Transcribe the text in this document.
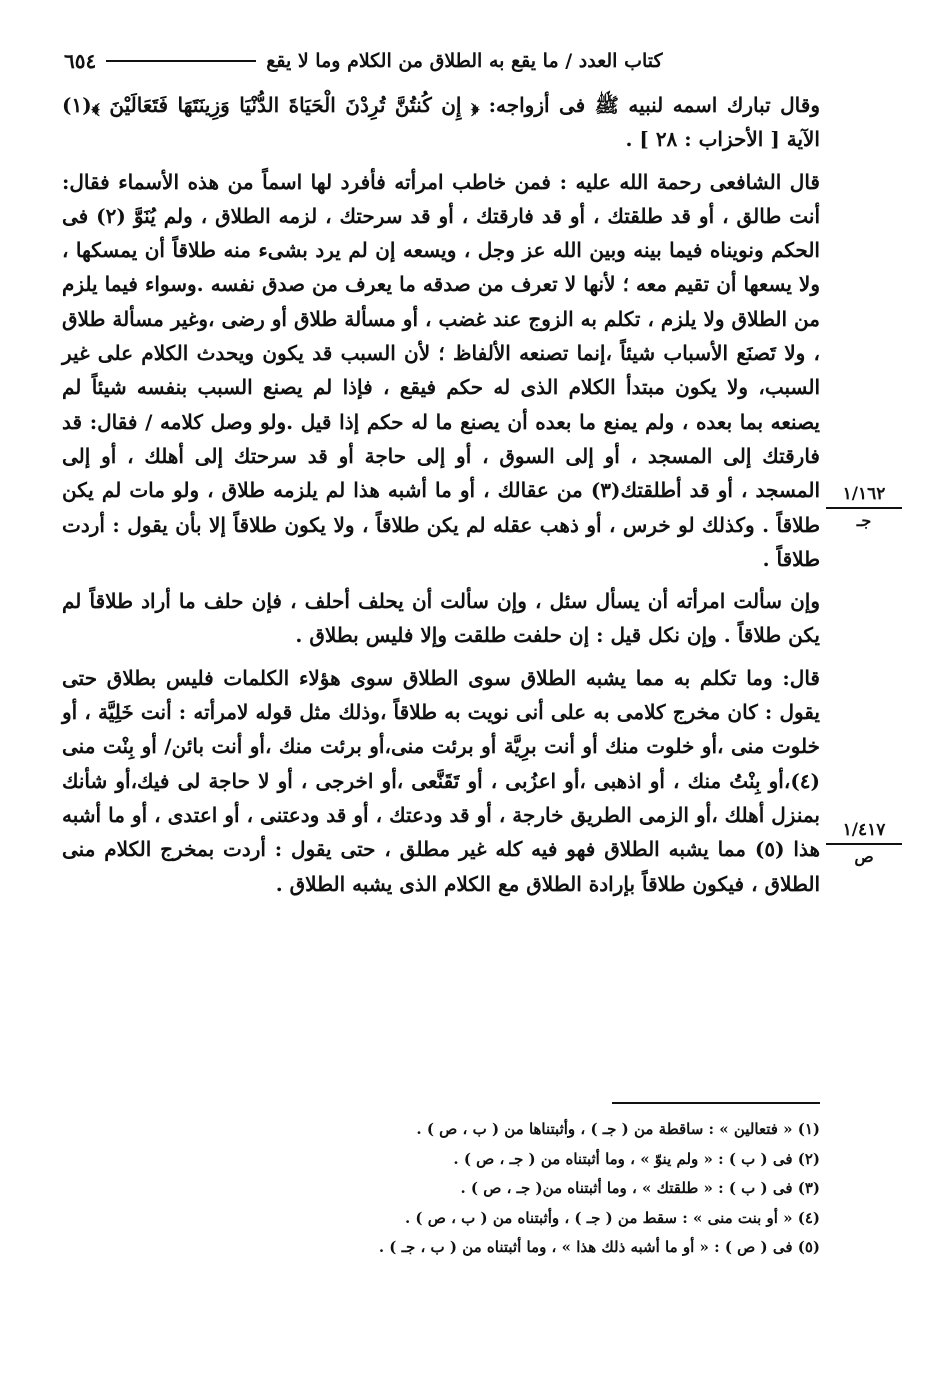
٦٥٤	كتاب العدد / ما يقع به الطلاق من الكلام وما لا يقع

وقال تبارك اسمه لنبيه ﷺ فى أزواجه: ﴿ إِن كُنتُنَّ تُرِدْنَ الْحَيَاةَ الدُّنْيَا وَزِينَتَهَا فَتَعَالَيْنَ ﴾(١) الآية [ الأحزاب : ٢٨ ] .

قال الشافعى رحمة الله عليه : فمن خاطب امرأته فأفرد لها اسماً من هذه الأسماء فقال: أنت طالق ، أو قد طلقتك ، أو قد فارقتك ، أو قد سرحتك ، لزمه الطلاق ، ولم يُنَوَّ (٢) فى الحكم ونويناه فيما بينه وبين الله عز وجل ، ويسعه إن لم يرد بشىء منه طلاقاً أن يمسكها ، ولا يسعها أن تقيم معه ؛ لأنها لا تعرف من صدقه ما يعرف من صدق نفسه .وسواء فيما يلزم من الطلاق ولا يلزم ، تكلم به الزوج عند غضب ، أو مسألة طلاق أو رضى ،وغير مسألة طلاق ، ولا تَصنَع الأسباب شيئاً ،إنما تصنعه الألفاظ ؛ لأن السبب قد يكون ويحدث الكلام على غير السبب، ولا يكون مبتدأ الكلام الذى له حكم فيقع ، فإذا لم يصنع السبب بنفسه شيئاً لم يصنعه بما بعده ، ولم يمنع ما بعده أن يصنع ما له حكم إذا قيل .ولو وصل كلامه / فقال: قد فارقتك إلى المسجد ، أو إلى السوق ، أو إلى حاجة أو قد سرحتك إلى أهلك ، أو إلى المسجد ، أو قد أطلقتك(٣) من عقالك ، أو ما أشبه هذا لم يلزمه طلاق ، ولو مات لم يكن طلاقاً . وكذلك لو خرس ، أو ذهب عقله لم يكن طلاقاً ، ولا يكون طلاقاً إلا بأن يقول : أردت طلاقاً .

وإن سألت امرأته أن يسأل سئل ، وإن سألت أن يحلف أحلف ، فإن حلف ما أراد طلاقاً لم يكن طلاقاً . وإن نكل قيل : إن حلفت طلقت وإلا فليس بطلاق .

قال: وما تكلم به مما يشبه الطلاق سوى الطلاق سوى هؤلاء الكلمات فليس بطلاق حتى يقول : كان مخرج كلامى به على أنى نويت به طلاقاً ،وذلك مثل قوله لامرأته : أنت خَلِيَّة ، أو خلوت منى ،أو خلوت منك أو أنت برِيَّة أو برئت منى،أو برئت منك ،أو أنت بائن/ أو بِنْت منى (٤)،أو بِنْتُ منك ، أو اذهبى ،أو اعزُبى ، أو تَقَنَّعى ،أو اخرجى ، أو لا حاجة لى فيك،أو شأنك بمنزل أهلك ،أو الزمى الطريق خارجة ، أو قد ودعتك ، أو قد ودعتنى ، أو اعتدى ، أو ما أشبه هذا (٥) مما يشبه الطلاق فهو فيه كله غير مطلق ، حتى يقول : أردت بمخرج الكلام منى الطلاق ، فيكون طلاقاً بإرادة الطلاق مع الكلام الذى يشبه الطلاق .

١/١٦٢
جـ
١/٤١٧
ص
(١) « فتعالين » : ساقطة من ( جـ ) ، وأثبتناها من ( ب ، ص ) .
(٢) فى ( ب ) : « ولم ينوّ » ، وما أثبتناه من ( جـ ، ص ) .
(٣) فى ( ب ) : « طلقتك » ، وما أثبتناه من( جـ ، ص ) .
(٤) « أو بنت منى » : سقط من ( جـ ) ، وأثبتناه من ( ب ، ص ) .
(٥) فى ( ص ) : « أو ما أشبه ذلك هذا » ، وما أثبتناه من ( ب ، جـ ) .
